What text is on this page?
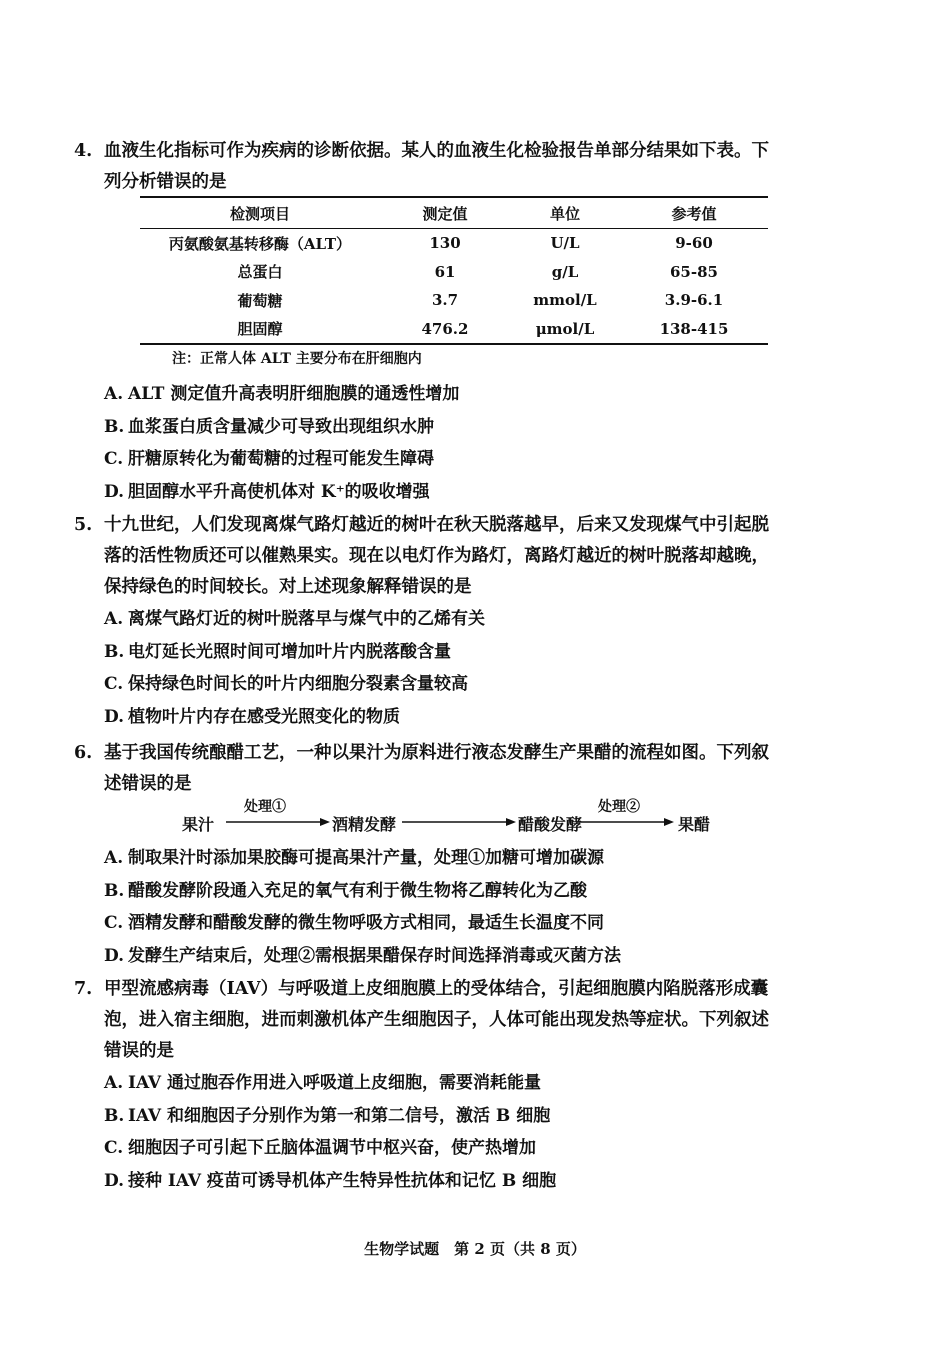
4. 血液生化指标可作为疾病的诊断依据。某人的血液生化检验报告单部分结果如下表。下
列分析错误的是
检测项目	测定值	单位	参考值
丙氨酸氨基转移酶（ALT）	130	U/L	9-60
总蛋白	61	g/L	65-85
葡萄糖	3.7	mmol/L	3.9-6.1
胆固醇	476.2	μmol/L	138-415
注：正常人体 ALT 主要分布在肝细胞内
A. ALT 测定值升高表明肝细胞膜的通透性增加
B. 血浆蛋白质含量减少可导致出现组织水肿
C. 肝糖原转化为葡萄糖的过程可能发生障碍
D. 胆固醇水平升高使机体对 K⁺的吸收增强
5. 十九世纪，人们发现离煤气路灯越近的树叶在秋天脱落越早，后来又发现煤气中引起脱
落的活性物质还可以催熟果实。现在以电灯作为路灯，离路灯越近的树叶脱落却越晚，
保持绿色的时间较长。对上述现象解释错误的是
A. 离煤气路灯近的树叶脱落早与煤气中的乙烯有关
B. 电灯延长光照时间可增加叶片内脱落酸含量
C. 保持绿色时间长的叶片内细胞分裂素含量较高
D. 植物叶片内存在感受光照变化的物质
6. 基于我国传统酿醋工艺，一种以果汁为原料进行液态发酵生产果醋的流程如图。下列叙
述错误的是
果汁
处理①
酒精发酵	醋酸发酵
处理②
果醋
A. 制取果汁时添加果胶酶可提高果汁产量，处理①加糖可增加碳源
B. 醋酸发酵阶段通入充足的氧气有利于微生物将乙醇转化为乙酸
C. 酒精发酵和醋酸发酵的微生物呼吸方式相同，最适生长温度不同
D. 发酵生产结束后，处理②需根据果醋保存时间选择消毒或灭菌方法
7. 甲型流感病毒（IAV）与呼吸道上皮细胞膜上的受体结合，引起细胞膜内陷脱落形成囊
泡，进入宿主细胞，进而刺激机体产生细胞因子，人体可能出现发热等症状。下列叙述
错误的是
A. IAV 通过胞吞作用进入呼吸道上皮细胞，需要消耗能量
B. IAV 和细胞因子分别作为第一和第二信号，激活 B 细胞
C. 细胞因子可引起下丘脑体温调节中枢兴奋，使产热增加
D. 接种 IAV 疫苗可诱导机体产生特异性抗体和记忆 B 细胞
生物学试题　第 2 页（共 8 页）
